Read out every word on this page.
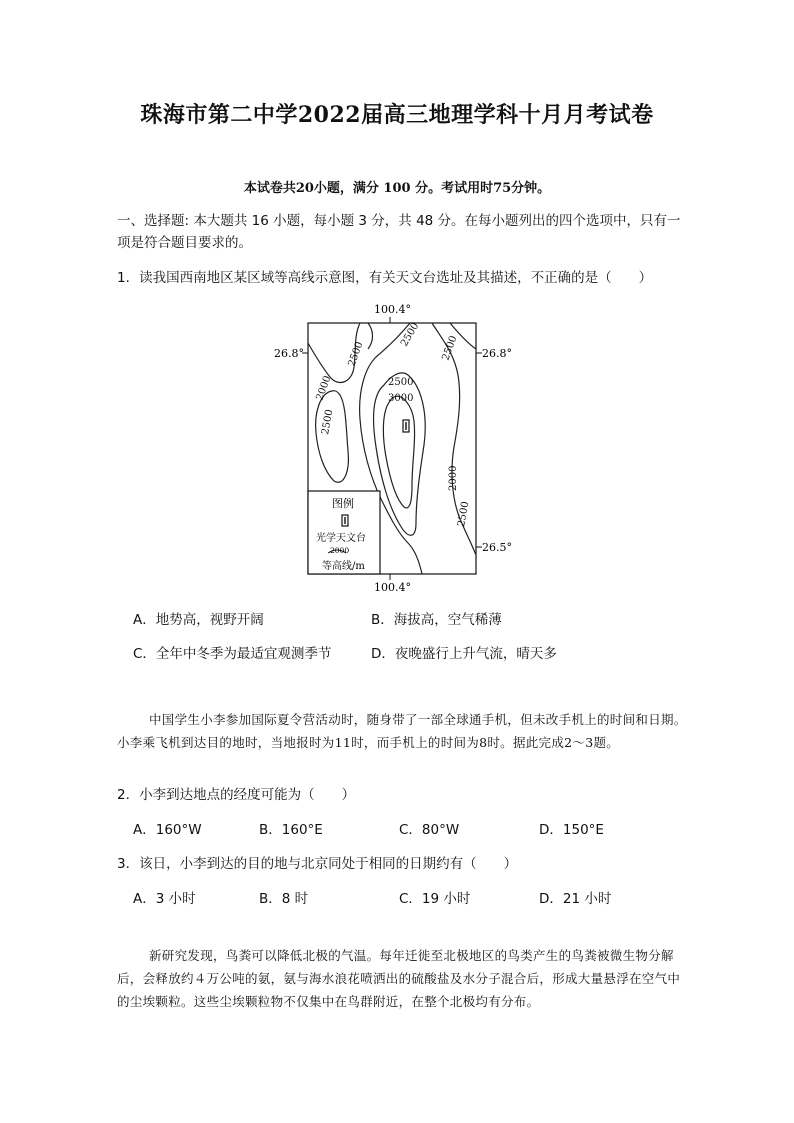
珠海市第二中学2022届高三地理学科十月月考试卷
本试卷共20小题，满分 100 分。考试用时75分钟。
一、选择题: 本大题共 16 小题，每小题 3 分，共 48 分。在每小题列出的四个选项中，只有一项是符合题目要求的。
1．读我国西南地区某区域等高线示意图，有关天文台选址及其描述，不正确的是（　　）
100.4°
100.4°
26.8°	26.8°
26.5°
2500
2500 2500
2000
2500
2500
3000
2000
2500
图例
光学天文台
2000
等高线/m
A．地势高，视野开阔	B．海拔高，空气稀薄
C．全年中冬季为最适宜观测季节	D．夜晚盛行上升气流，晴天多
中国学生小李参加国际夏令营活动时，随身带了一部全球通手机，但未改手机上的时间和日期。小李乘飞机到达目的地时，当地报时为11时，而手机上的时间为8时。据此完成2～3题。
2．小李到达地点的经度可能为（　　）
A．160°W	B．160°E	C．80°W	D．150°E
3．该日，小李到达的目的地与北京同处于相同的日期约有（　　）
A．3 小时	B．8 时	C．19 小时	D．21 小时
新研究发现，鸟粪可以降低北极的气温。每年迁徙至北极地区的鸟类产生的鸟粪被微生物分解后，会释放约４万公吨的氨，氨与海水浪花喷洒出的硫酸盐及水分子混合后，形成大量悬浮在空气中的尘埃颗粒。这些尘埃颗粒物不仅集中在鸟群附近，在整个北极均有分布。
